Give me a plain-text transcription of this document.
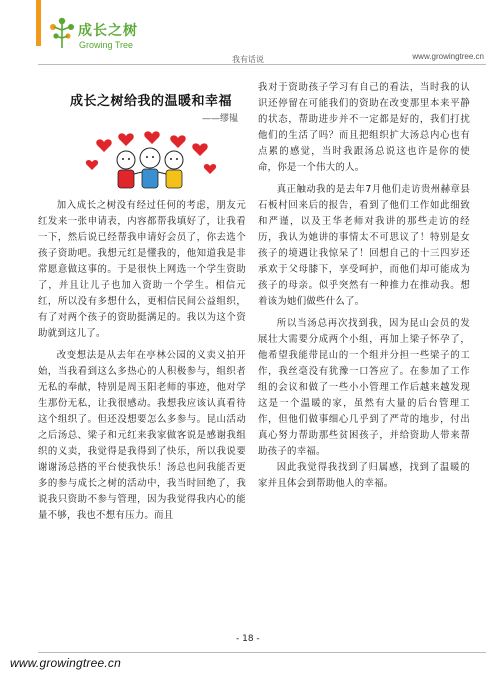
成长之树
Growing Tree
我有话说	www.growingtree.cn
成长之树给我的温暖和幸福
——缪韫

加入成长之树没有经过任何的考虑，朋友元红发来一张申请表，内容都帮我填好了，让我看一下，然后说已经帮我申请好会员了，你去选个孩子资助吧。我想元红是懂我的，他知道我是非常愿意做这事的。于是很快上网选一个学生资助了，并且让儿子也加入资助一个学生。相信元红，所以没有多想什么，更相信民间公益组织，有了对两个孩子的资助挺满足的。我以为这个资助就到这儿了。

改变想法是从去年在亭林公园的义卖义拍开始，当我看到这么多热心的人积极参与，组织者无私的奉献，特别是周玉阳老师的事迹，他对学生那份无私，让我很感动。我想我应该认真看待这个组织了。但还没想要怎么多参与。昆山活动之后汤总、梁子和元红来我家做客说是感谢我组织的义卖，我觉得是我得到了快乐，所以我说要谢谢汤总搭的平台使我快乐！汤总也问我能否更多的参与成长之树的活动中，我当时回绝了，我说我只资助不参与管理，因为我觉得我内心的能量不够，我也不想有压力。而且

我对于资助孩子学习有自己的看法，当时我的认识还停留在可能我们的资助在改变那里本来平静的状态，帮助进步并不一定都是好的，我们打扰他们的生活了吗？而且把组织扩大汤总内心也有点累的感觉，当时我跟汤总说这也许是你的使命，你是一个伟大的人。

真正触动我的是去年7月他们走访贵州赫章县石板村回来后的报告，看到了他们工作如此细致和严谨，以及王华老师对我讲的那些走访的经历，我认为她讲的事情太不可思议了！特别是女孩子的境遇让我惊呆了！回想自己的十三四岁还承欢于父母膝下，享受呵护，而他们却可能成为孩子的母亲。似乎突然有一种推力在推动我。想着该为她们做些什么了。

所以当汤总再次找到我，因为昆山会员的发展壮大需要分成两个小组，再加上梁子怀孕了，他希望我能带昆山的一个组并分担一些梁子的工作，我丝毫没有犹豫一口答应了。在参加了工作组的会议和做了一些小小管理工作后越来越发现这是一个温暖的家，虽然有大量的后台管理工作，但他们做事细心几乎到了严苛的地步，付出真心努力帮助那些贫困孩子，并给资助人带来帮助孩子的幸福。

因此我觉得我找到了归属感，找到了温暖的家并且体会到帮助他人的幸福。

- 18 -
www.growingtree.cn
